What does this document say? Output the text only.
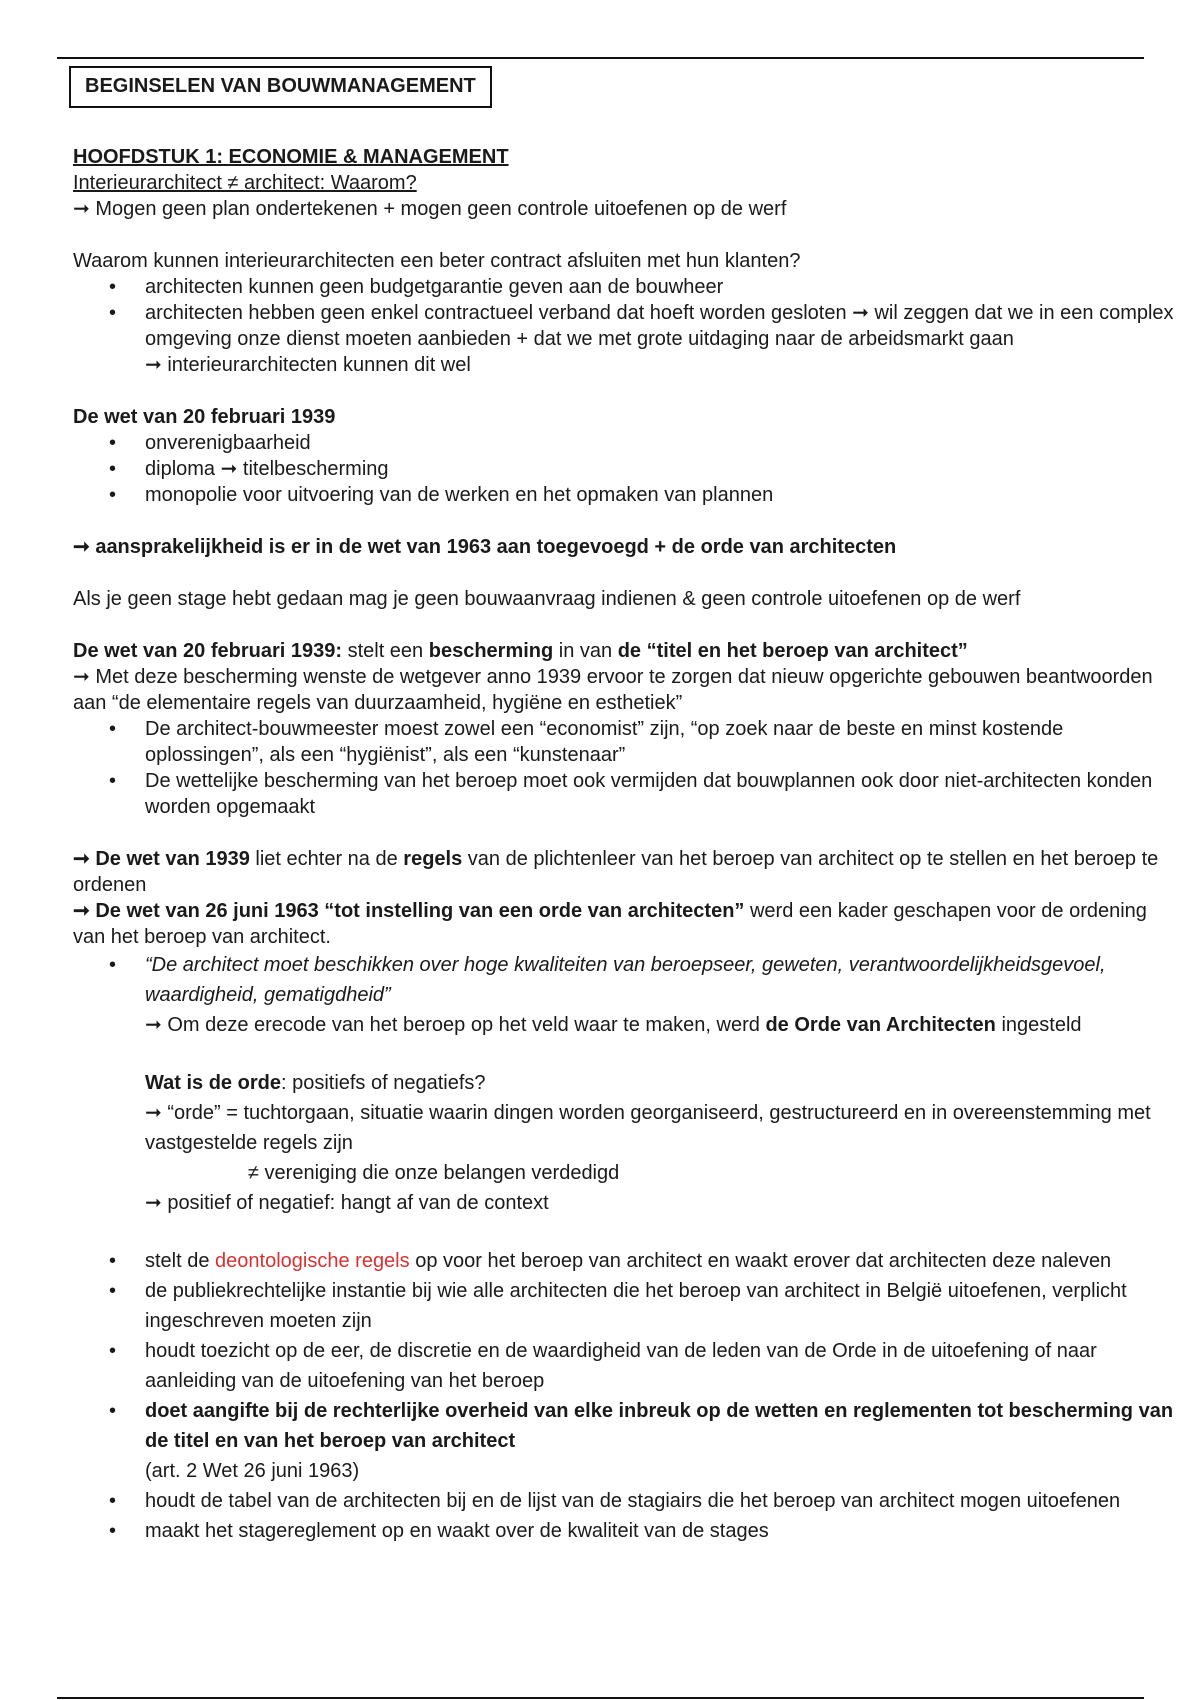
BEGINSELEN VAN BOUWMANAGEMENT
HOOFDSTUK 1: ECONOMIE & MANAGEMENT
Interieurarchitect ≠ architect: Waarom?
➞ Mogen geen plan ondertekenen + mogen geen controle uitoefenen op de werf
Waarom kunnen interieurarchitecten een beter contract afsluiten met hun klanten?
• architecten kunnen geen budgetgarantie geven aan de bouwheer
• architecten hebben geen enkel contractueel verband dat hoeft worden gesloten ➞ wil zeggen dat we in een complex omgeving onze dienst moeten aanbieden + dat we met grote uitdaging naar de arbeidsmarkt gaan
➞ interieurarchitecten kunnen dit wel
De wet van 20 februari 1939
• onverenigbaarheid
• diploma ➞ titelbescherming
• monopolie voor uitvoering van de werken en het opmaken van plannen
➞ aansprakelijkheid is er in de wet van 1963 aan toegevoegd + de orde van architecten
Als je geen stage hebt gedaan mag je geen bouwaanvraag indienen & geen controle uitoefenen op de werf
De wet van 20 februari 1939: stelt een bescherming in van de “titel en het beroep van architect”
➞ Met deze bescherming wenste de wetgever anno 1939 ervoor te zorgen dat nieuw opgerichte gebouwen beantwoorden aan “de elementaire regels van duurzaamheid, hygiëne en esthetiek”
• De architect-bouwmeester moest zowel een “economist” zijn, “op zoek naar de beste en minst kostende oplossingen”, als een “hygiënist”, als een “kunstenaar”
• De wettelijke bescherming van het beroep moet ook vermijden dat bouwplannen ook door niet-architecten konden worden opgemaakt
➞ De wet van 1939 liet echter na de regels van de plichtenleer van het beroep van architect op te stellen en het beroep te ordenen
➞ De wet van 26 juni 1963 “tot instelling van een orde van architecten” werd een kader geschapen voor de ordening van het beroep van architect.
• “De architect moet beschikken over hoge kwaliteiten van beroepseer, geweten, verantwoordelijkheidsgevoel, waardigheid, gematigdheid”
➞ Om deze erecode van het beroep op het veld waar te maken, werd de Orde van Architecten ingesteld
Wat is de orde: positiefs of negatiefs?
➞ “orde” = tuchtorgaan, situatie waarin dingen worden georganiseerd, gestructureerd en in overeenstemming met vastgestelde regels zijn
≠ vereniging die onze belangen verdedigd
➞ positief of negatief: hangt af van de context
• stelt de deontologische regels op voor het beroep van architect en waakt erover dat architecten deze naleven
• de publiekrechtelijke instantie bij wie alle architecten die het beroep van architect in België uitoefenen, verplicht ingeschreven moeten zijn
• houdt toezicht op de eer, de discretie en de waardigheid van de leden van de Orde in de uitoefening of naar aanleiding van de uitoefening van het beroep
• doet aangifte bij de rechterlijke overheid van elke inbreuk op de wetten en reglementen tot bescherming van de titel en van het beroep van architect
(art. 2 Wet 26 juni 1963)
• houdt de tabel van de architecten bij en de lijst van de stagiairs die het beroep van architect mogen uitoefenen
• maakt het stagereglement op en waakt over de kwaliteit van de stages
